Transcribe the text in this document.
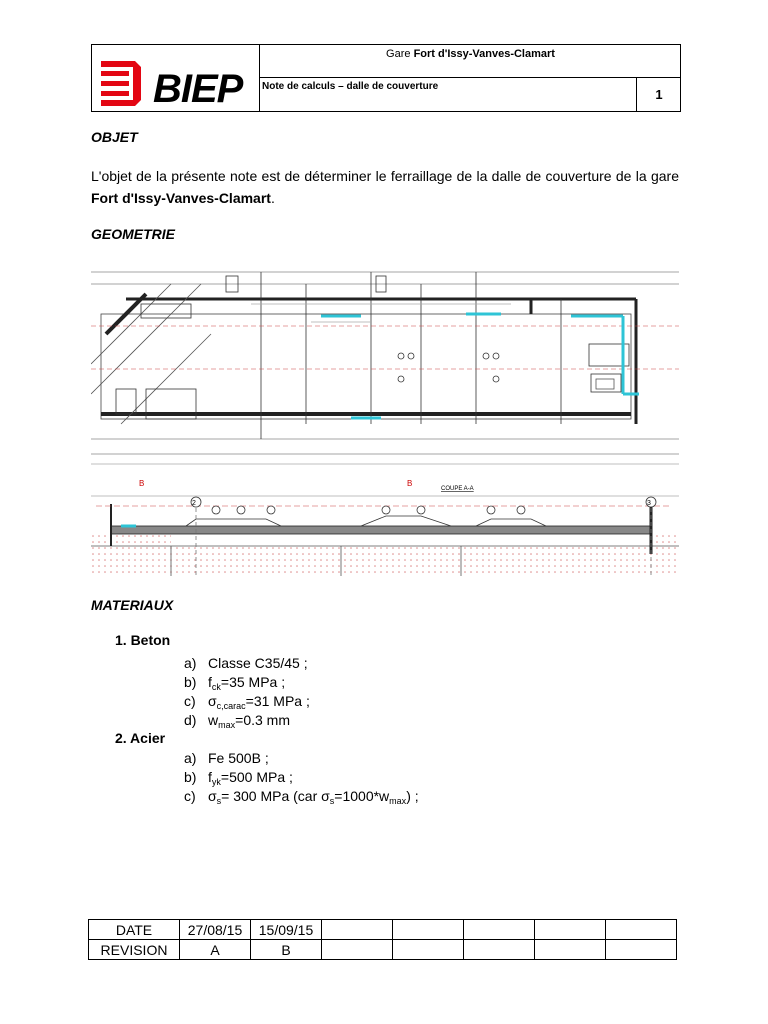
BIEP
Gare Fort d'Issy-Vanves-Clamart
Note de calculs – dalle de couverture
1
OBJET
L'objet de la présente note est de déterminer le ferraillage de la dalle de couverture de la gare Fort d'Issy-Vanves-Clamart.
GEOMETRIE
2	3
COUPE A-A
B	B
MATERIAUX
1. Beton
a) Classe C35/45 ;
b) $f_{ck}=35$ MPa ;
c) $\sigma_{c,carac}=31$ MPa ;
d) $w_{max}=0.3$ mm
2. Acier
a) Fe 500B ;
b) $f_{yk}=500$ MPa ;
c) $\sigma_s= 300$ MPa (car $\sigma_s=1000*w_{max}$) ;
DATE	27/08/15	15/09/15					
REVISION	A	B					
